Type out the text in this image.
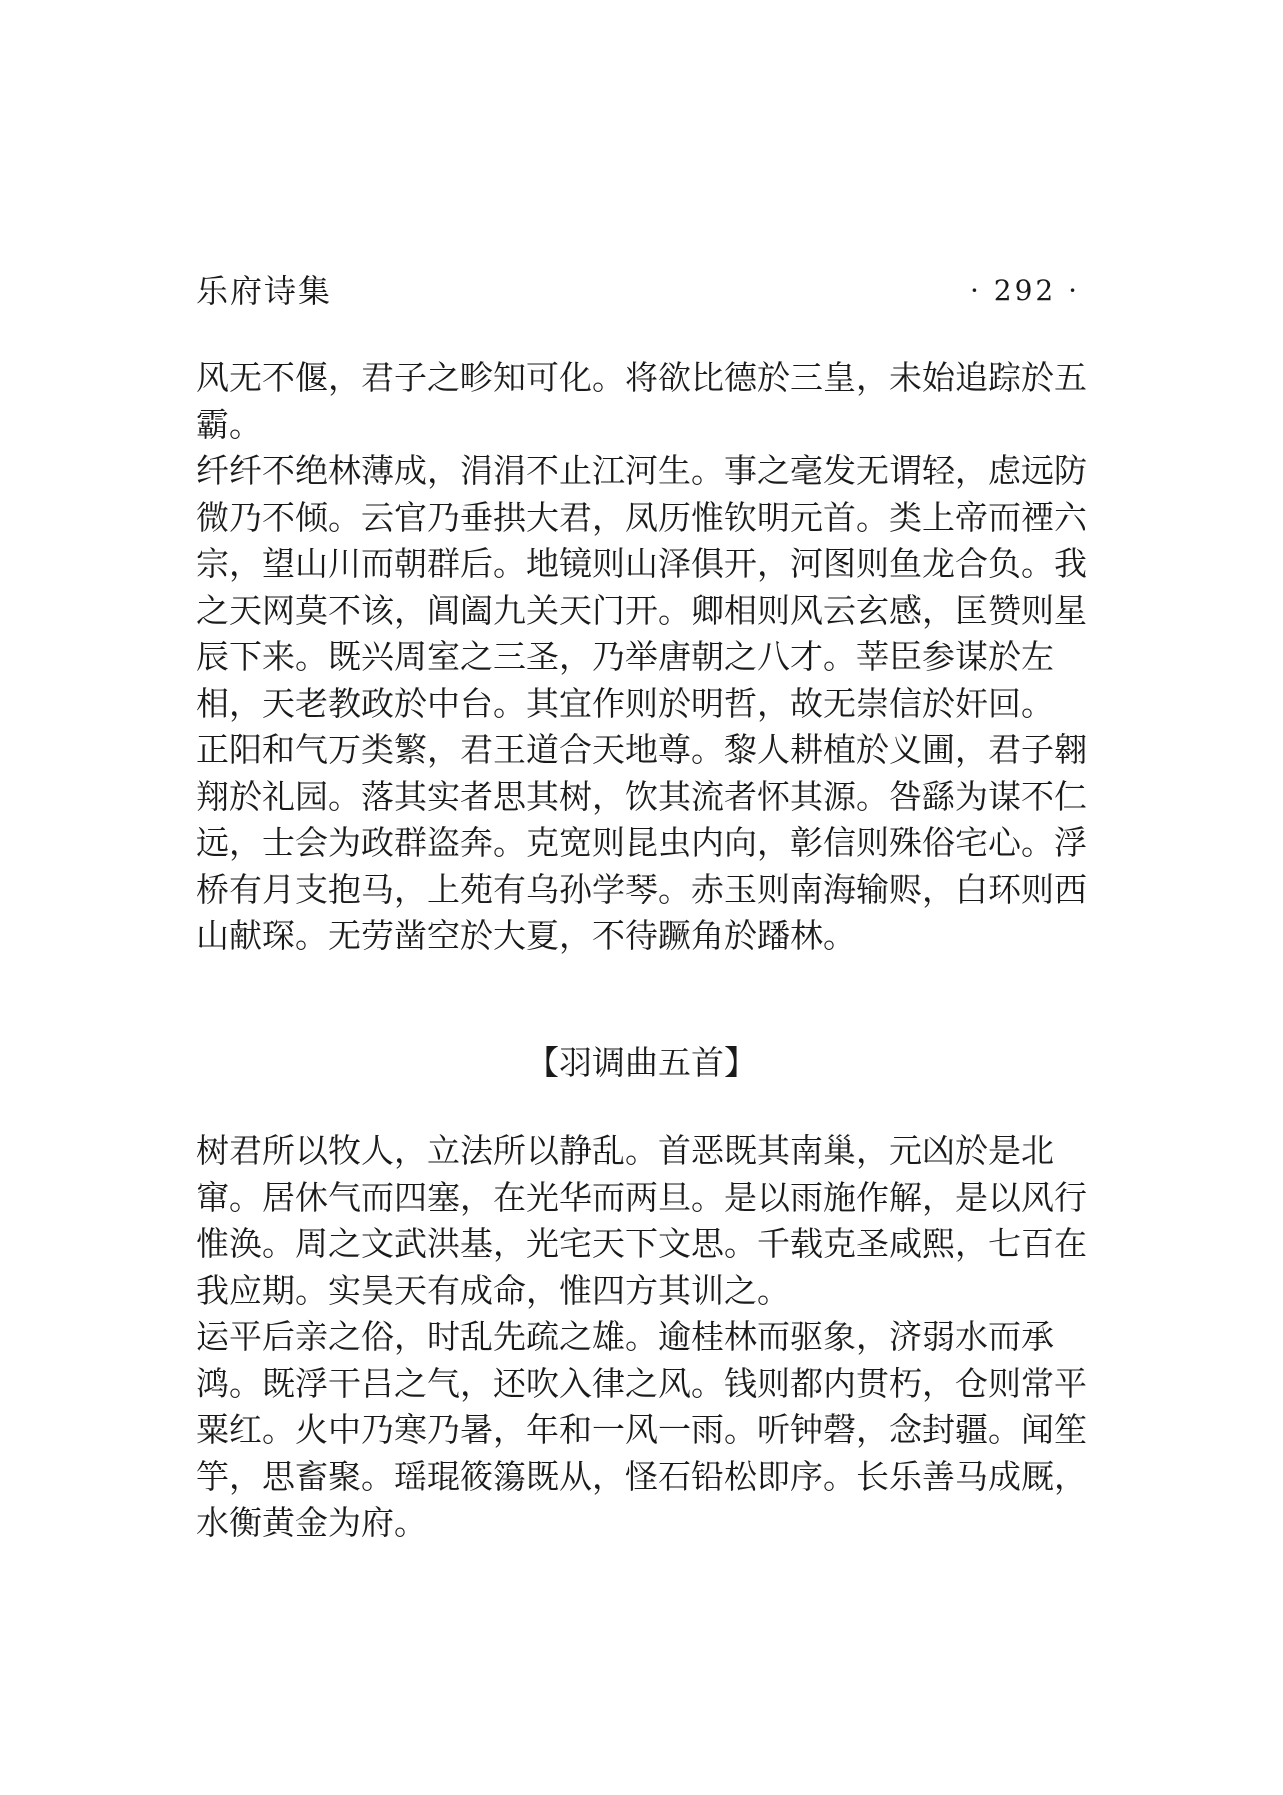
乐府诗集	· 292 ·

风无不偃，君子之畛知可化。将欲比德於三皇，未始追踪於五霸。

纤纤不绝林薄成，涓涓不止江河生。事之毫发无谓轻，虑远防微乃不倾。云官乃垂拱大君，凤历惟钦明元首。类上帝而禋六宗，望山川而朝群后。地镜则山泽俱开，河图则鱼龙合负。我之天网莫不该，阊阖九关天门开。卿相则风云玄感，匡赞则星辰下来。既兴周室之三圣，乃举唐朝之八才。莘臣参谋於左相，天老教政於中台。其宜作则於明哲，故无崇信於奸回。

正阳和气万类繁，君王道合天地尊。黎人耕植於义圃，君子翱翔於礼园。落其实者思其树，饮其流者怀其源。咎繇为谋不仁远，士会为政群盗奔。克宽则昆虫内向，彰信则殊俗宅心。浮桥有月支抱马，上苑有乌孙学琴。赤玉则南海输赆，白环则西山献琛。无劳凿空於大夏，不待蹶角於蹯林。

【羽调曲五首】

树君所以牧人，立法所以静乱。首恶既其南巢，元凶於是北窜。居休气而四塞，在光华而两旦。是以雨施作解，是以风行惟涣。周之文武洪基，光宅天下文思。千载克圣咸熙，七百在我应期。实昊天有成命，惟四方其训之。

运平后亲之俗，时乱先疏之雄。逾桂林而驱象，济弱水而承鸿。既浮干吕之气，还吹入律之风。钱则都内贯朽，仓则常平粟红。火中乃寒乃暑，年和一风一雨。听钟磬，念封疆。闻笙竽，思畜聚。瑶琨筱簜既从，怪石铅松即序。长乐善马成厩，水衡黄金为府。
